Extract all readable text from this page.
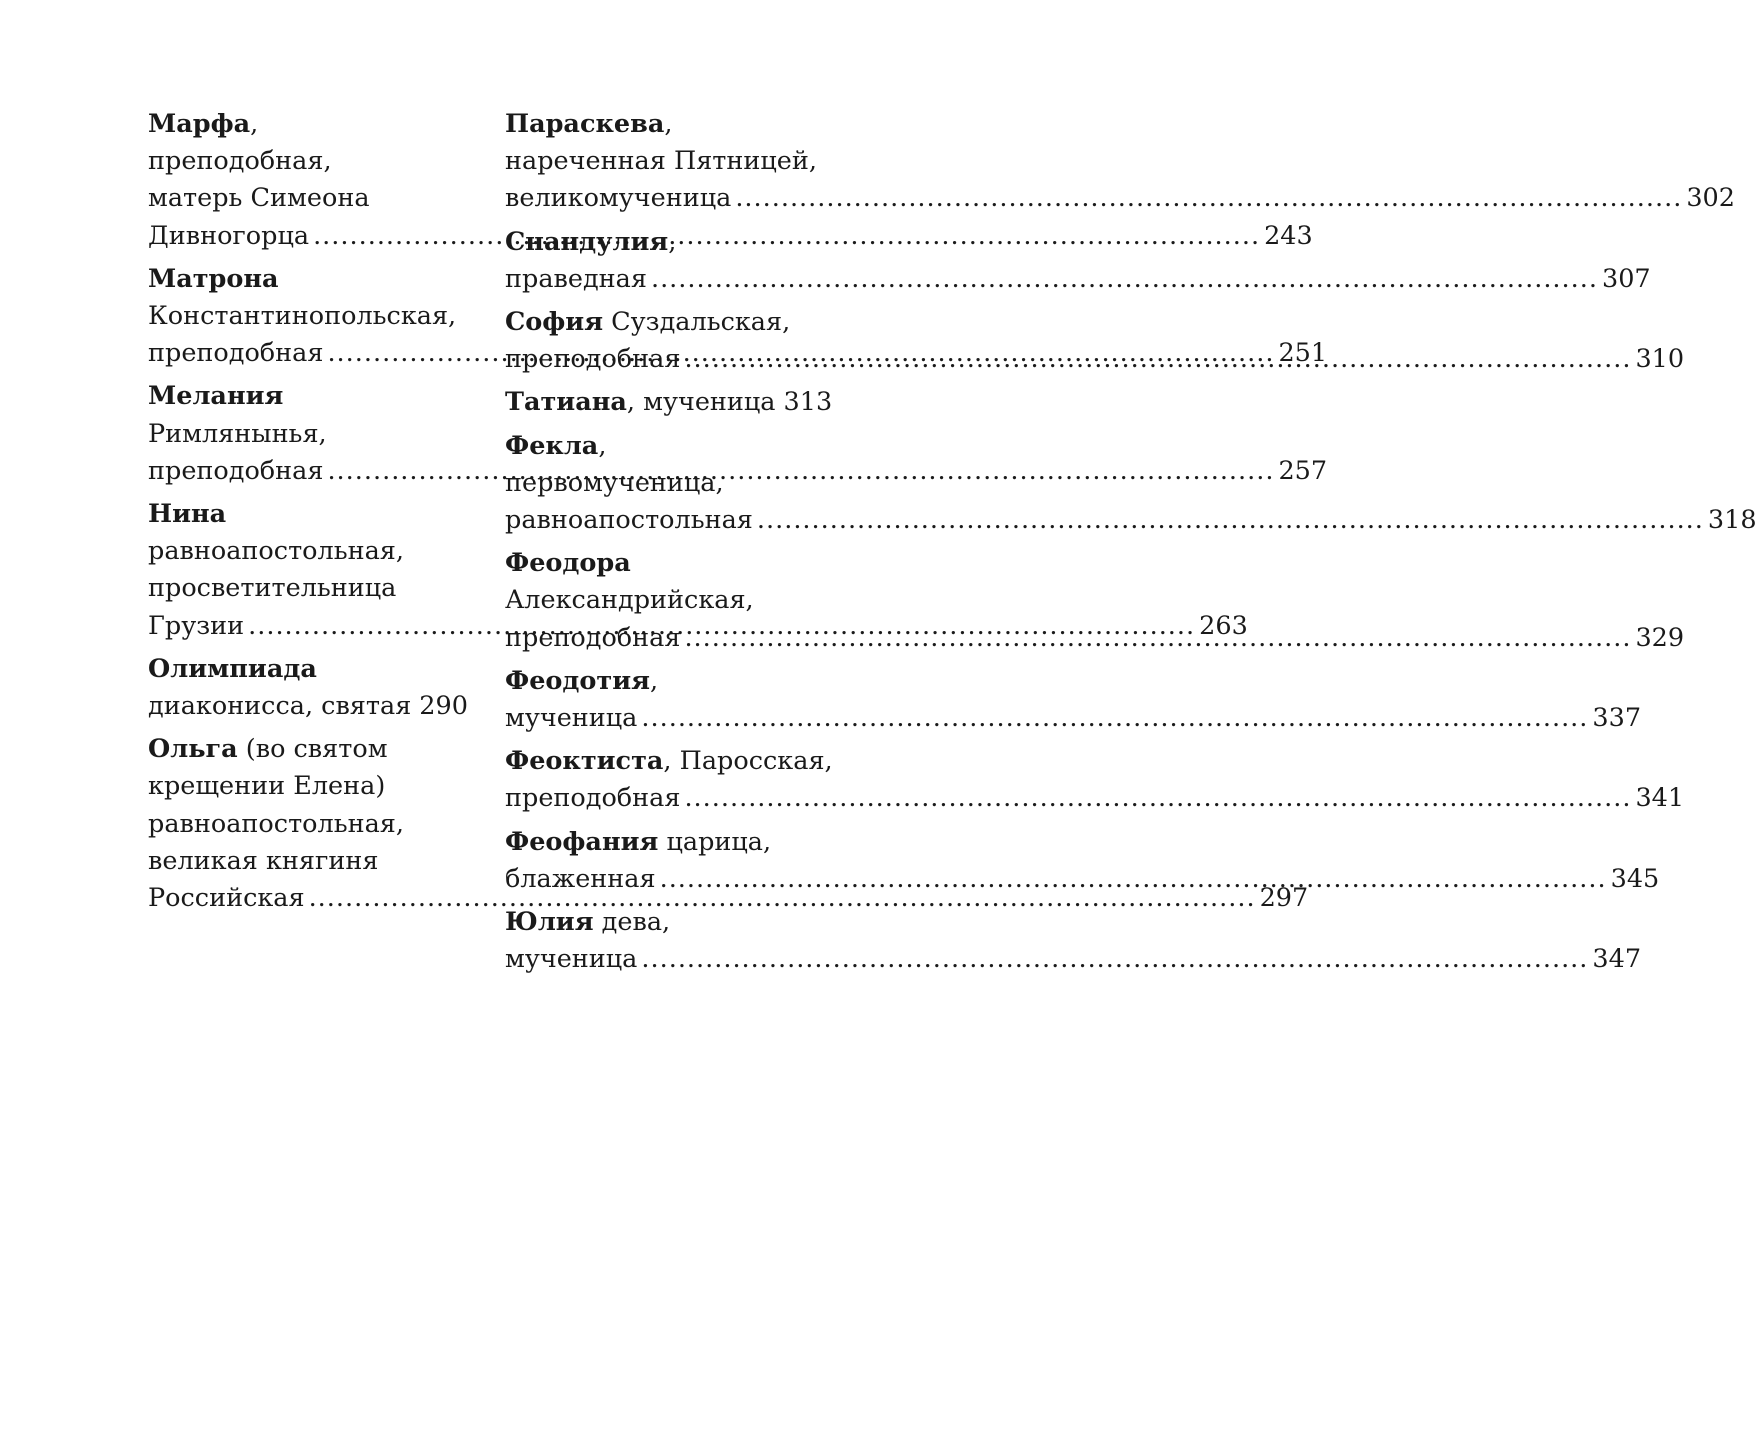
Марфа,
преподобная,
матерь Симеона
Дивногорца .....	243
Матрона
Константинопольская,
преподобная .....	251
Мелания
Римлянынья,
преподобная .....	257
Нина
равноапостольная,
просветительница
Грузии .....	263
Олимпиада
диаконисса, святая 290
Ольга (во святом
крещении Елена)
равноапостольная,
великая княгиня
Российская .....	297
Параскева,
нареченная Пятницей,
великомученица .....	302
Снандулия,
праведная .....	307
София Суздальская,
преподобная .....	310
Татиана, мученица 313
Фекла,
первомученица,
равноапостольная .....	318
Феодора
Александрийская,
преподобная .....	329
Феодотия,
мученица .....	337
Феоктиста, Паросская,
преподобная .....	341
Феофания царица,
блаженная .....	345
Юлия дева,
мученица .....	347
